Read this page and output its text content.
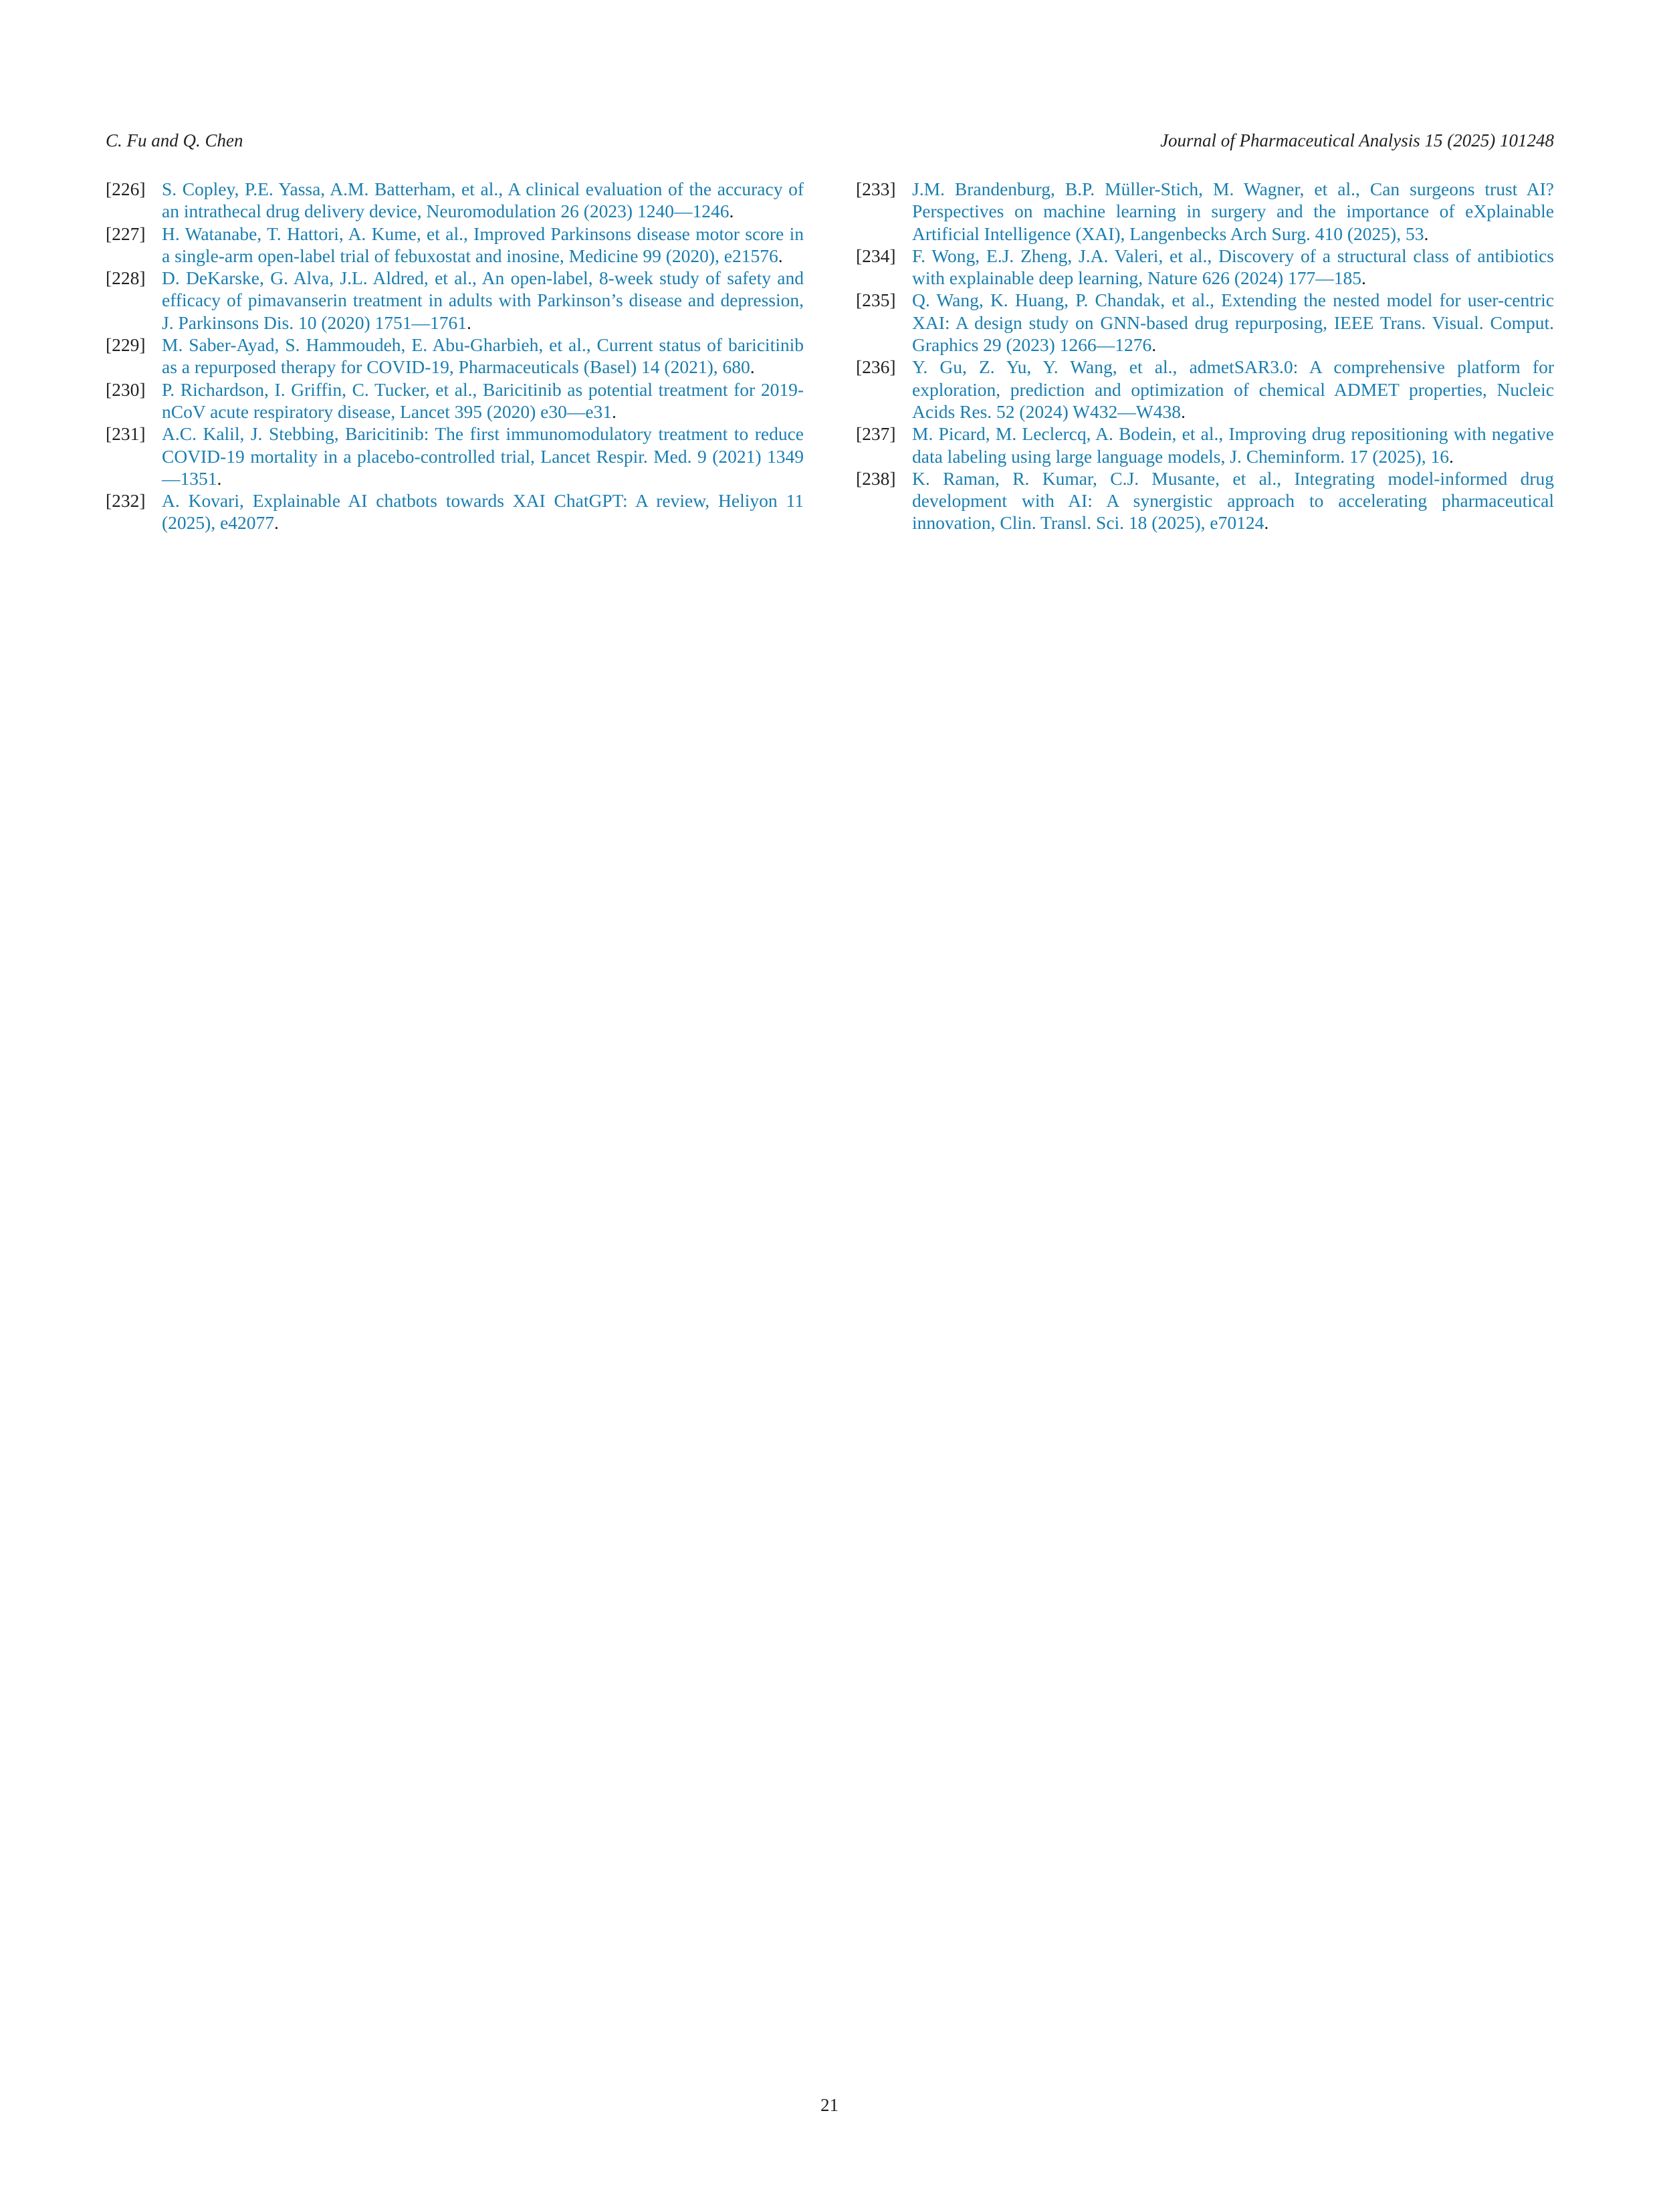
C. Fu and Q. Chen	Journal of Pharmaceutical Analysis 15 (2025) 101248
[226] S. Copley, P.E. Yassa, A.M. Batterham, et al., A clinical evaluation of the accuracy of an intrathecal drug delivery device, Neuromodulation 26 (2023) 1240—1246.
[227] H. Watanabe, T. Hattori, A. Kume, et al., Improved Parkinsons disease motor score in a single-arm open-label trial of febuxostat and inosine, Medicine 99 (2020), e21576.
[228] D. DeKarske, G. Alva, J.L. Aldred, et al., An open-label, 8-week study of safety and efficacy of pimavanserin treatment in adults with Parkinson’s disease and depression, J. Parkinsons Dis. 10 (2020) 1751—1761.
[229] M. Saber-Ayad, S. Hammoudeh, E. Abu-Gharbieh, et al., Current status of baricitinib as a repurposed therapy for COVID-19, Pharmaceuticals (Basel) 14 (2021), 680.
[230] P. Richardson, I. Griffin, C. Tucker, et al., Baricitinib as potential treatment for 2019-nCoV acute respiratory disease, Lancet 395 (2020) e30—e31.
[231] A.C. Kalil, J. Stebbing, Baricitinib: The first immunomodulatory treatment to reduce COVID-19 mortality in a placebo-controlled trial, Lancet Respir. Med. 9 (2021) 1349—1351.
[232] A. Kovari, Explainable AI chatbots towards XAI ChatGPT: A review, Heliyon 11 (2025), e42077.
[233] J.M. Brandenburg, B.P. Müller-Stich, M. Wagner, et al., Can surgeons trust AI? Perspectives on machine learning in surgery and the importance of eXplainable Artificial Intelligence (XAI), Langenbecks Arch Surg. 410 (2025), 53.
[234] F. Wong, E.J. Zheng, J.A. Valeri, et al., Discovery of a structural class of antibiotics with explainable deep learning, Nature 626 (2024) 177—185.
[235] Q. Wang, K. Huang, P. Chandak, et al., Extending the nested model for user-centric XAI: A design study on GNN-based drug repurposing, IEEE Trans. Visual. Comput. Graphics 29 (2023) 1266—1276.
[236] Y. Gu, Z. Yu, Y. Wang, et al., admetSAR3.0: A comprehensive platform for exploration, prediction and optimization of chemical ADMET properties, Nucleic Acids Res. 52 (2024) W432—W438.
[237] M. Picard, M. Leclercq, A. Bodein, et al., Improving drug repositioning with negative data labeling using large language models, J. Cheminform. 17 (2025), 16.
[238] K. Raman, R. Kumar, C.J. Musante, et al., Integrating model-informed drug development with AI: A synergistic approach to accelerating pharmaceutical innovation, Clin. Transl. Sci. 18 (2025), e70124.
21
